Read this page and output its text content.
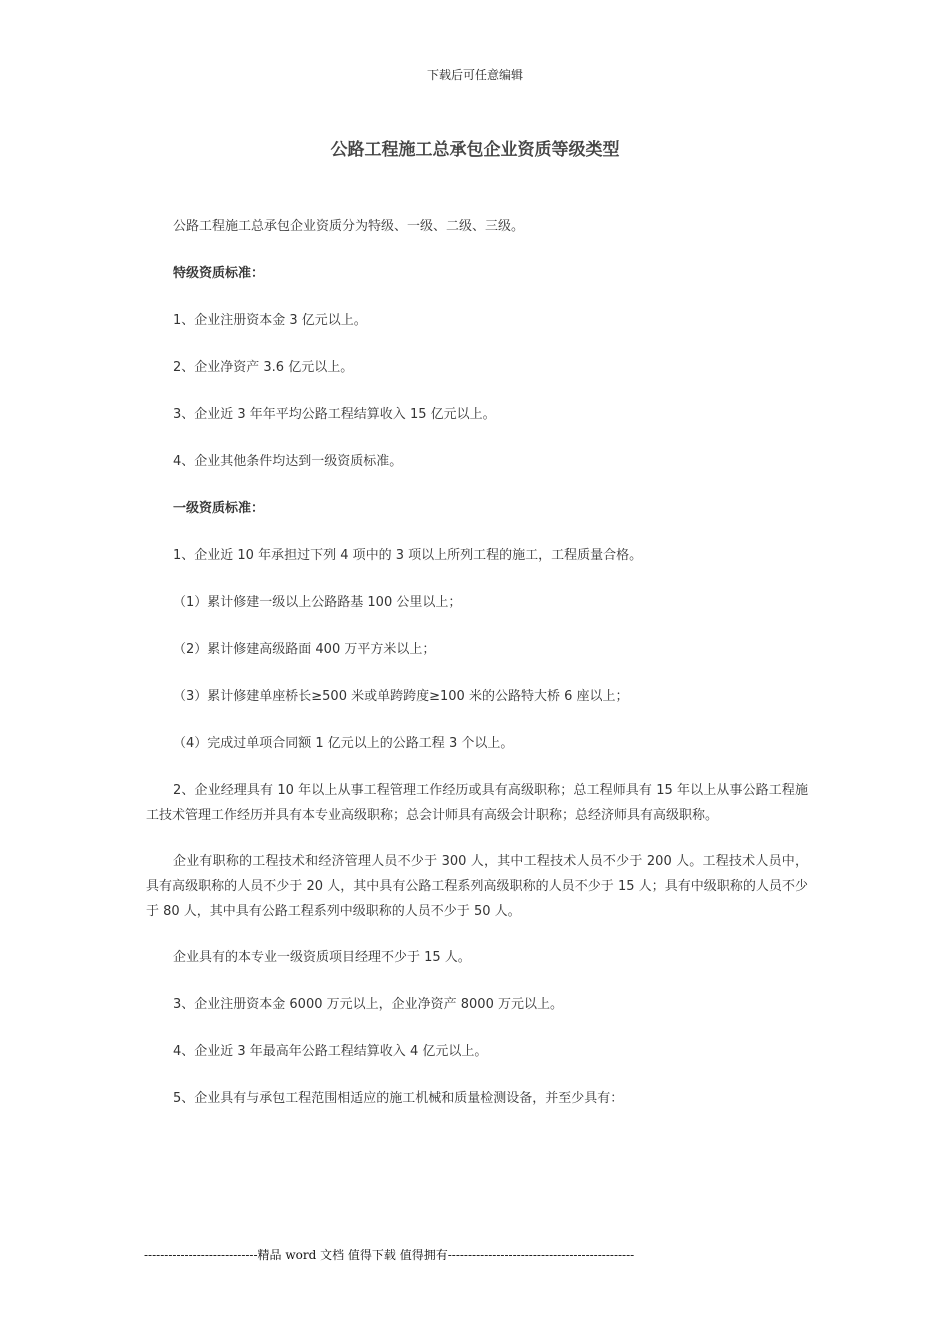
下载后可任意编辑
公路工程施工总承包企业资质等级类型

公路工程施工总承包企业资质分为特级、一级、二级、三级。

特级资质标准：

1、企业注册资本金 3 亿元以上。

2、企业净资产 3.6 亿元以上。

3、企业近 3 年年平均公路工程结算收入 15 亿元以上。

4、企业其他条件均达到一级资质标准。

一级资质标准：

1、企业近 10 年承担过下列 4 项中的 3 项以上所列工程的施工，工程质量合格。

（1）累计修建一级以上公路路基 100 公里以上；

（2）累计修建高级路面 400 万平方米以上；

（3）累计修建单座桥长≥500 米或单跨跨度≥100 米的公路特大桥 6 座以上；

（4）完成过单项合同额 1 亿元以上的公路工程 3 个以上。

2、企业经理具有 10 年以上从事工程管理工作经历或具有高级职称；总工程师具有 15 年以上从事公路工程施工技术管理工作经历并具有本专业高级职称；总会计师具有高级会计职称；总经济师具有高级职称。

企业有职称的工程技术和经济管理人员不少于 300 人，其中工程技术人员不少于 200 人。工程技术人员中，具有高级职称的人员不少于 20 人，其中具有公路工程系列高级职称的人员不少于 15 人；具有中级职称的人员不少于 80 人，其中具有公路工程系列中级职称的人员不少于 50 人。

企业具有的本专业一级资质项目经理不少于 15 人。

3、企业注册资本金 6000 万元以上，企业净资产 8000 万元以上。

4、企业近 3 年最高年公路工程结算收入 4 亿元以上。

5、企业具有与承包工程范围相适应的施工机械和质量检测设备，并至少具有：

----------------------------精品 word 文档 值得下载 值得拥有----------------------------------------------
